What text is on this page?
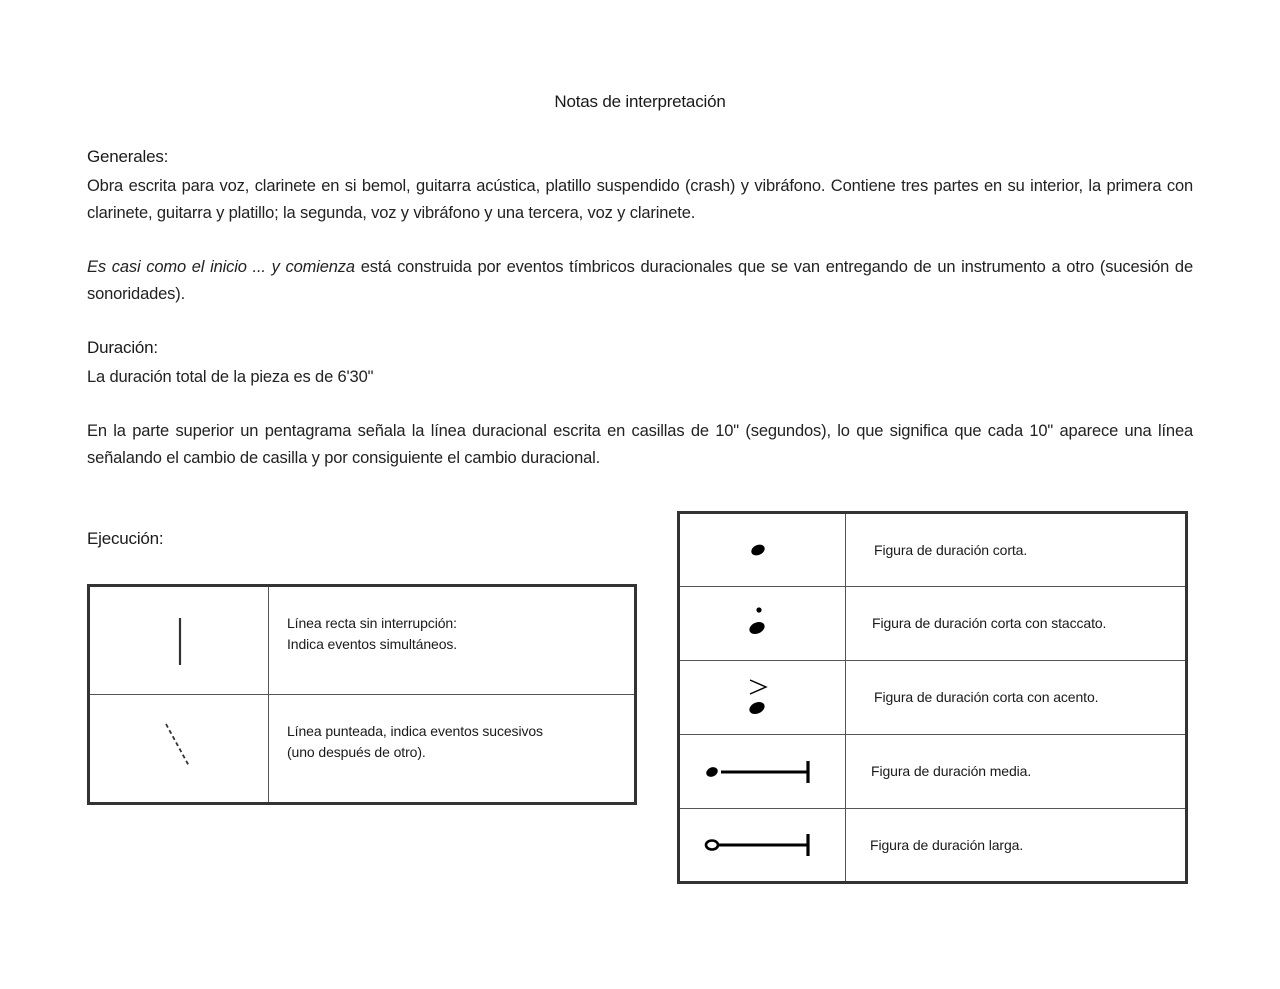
Notas de interpretación
Generales:
Obra escrita para voz, clarinete en si bemol, guitarra acústica, platillo suspendido (crash) y vibráfono. Contiene tres partes en su interior, la primera con clarinete, guitarra y platillo; la segunda, voz y vibráfono y una tercera, voz y clarinete.
Es casi como el inicio ... y comienza está construida por eventos tímbricos duracionales que se van entregando de un instrumento a otro (sucesión de sonoridades).
Duración:
La duración total de la pieza es de 6'30"
En la parte superior un pentagrama señala la línea duracional escrita en casillas de 10" (segundos), lo que significa que cada 10" aparece una línea señalando el cambio de casilla y por consiguiente el cambio duracional.
Ejecución:

Línea recta sin interrupción:
Indica eventos simultáneos.

Línea punteada, indica eventos sucesivos
(uno después de otro).

Figura de duración corta.

Figura de duración corta con staccato.

Figura de duración corta con acento.

Figura de duración media.

Figura de duración larga.
